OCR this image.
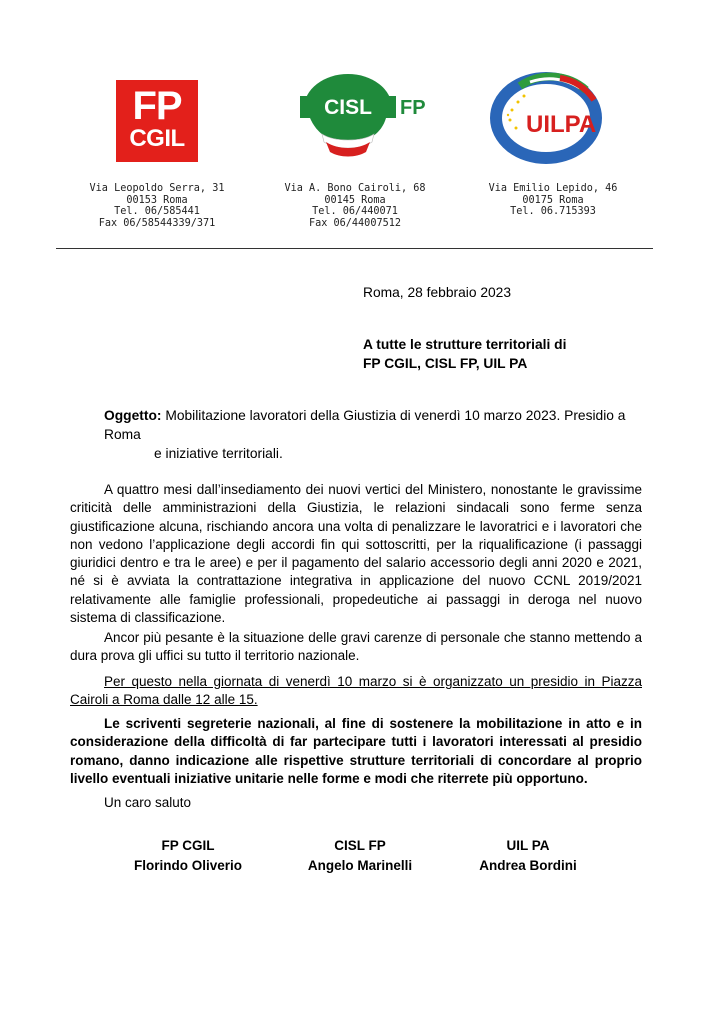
FP
CGIL
CISL FP
UILPA
Via Leopoldo Serra, 31
00153 Roma
Tel. 06/585441
Fax 06/58544339/371
Via A. Bono Cairoli, 68
00145 Roma
Tel. 06/440071
Fax 06/44007512
Via Emilio Lepido, 46
00175 Roma
Tel. 06.715393
Roma, 28 febbraio 2023
A tutte le strutture territoriali di
FP CGIL, CISL FP, UIL PA
Oggetto: Mobilitazione lavoratori della Giustizia di venerdì 10 marzo 2023. Presidio a Roma
e iniziative territoriali.

A quattro mesi dall’insediamento dei nuovi vertici del Ministero, nonostante le gravissime criticità delle amministrazioni della Giustizia, le relazioni sindacali sono ferme senza giustificazione alcuna, rischiando ancora una volta di penalizzare le lavoratrici e i lavoratori che non vedono l’applicazione degli accordi fin qui sottoscritti, per la riqualificazione (i passaggi giuridici dentro e tra le aree) e per il pagamento del salario accessorio degli anni 2020 e 2021, né si è avviata la contrattazione integrativa in applicazione del nuovo CCNL 2019/2021 relativamente alle famiglie professionali, propedeutiche ai passaggi in deroga nel nuovo sistema di classificazione.

Ancor più pesante è la situazione delle gravi carenze di personale che stanno mettendo a dura prova gli uffici su tutto il territorio nazionale.

Per questo nella giornata di venerdì 10 marzo si è organizzato un presidio in Piazza Cairoli a Roma dalle 12 alle 15.

Le scriventi segreterie nazionali, al fine di sostenere la mobilitazione in atto e in considerazione della difficoltà di far partecipare tutti i lavoratori interessati al presidio romano, danno indicazione alle rispettive strutture territoriali di concordare al proprio livello eventuali iniziative unitarie nelle forme e modi che riterrete più opportuno.

Un caro saluto
FP CGIL
Florindo Oliverio
CISL FP
Angelo Marinelli
UIL PA
Andrea Bordini
